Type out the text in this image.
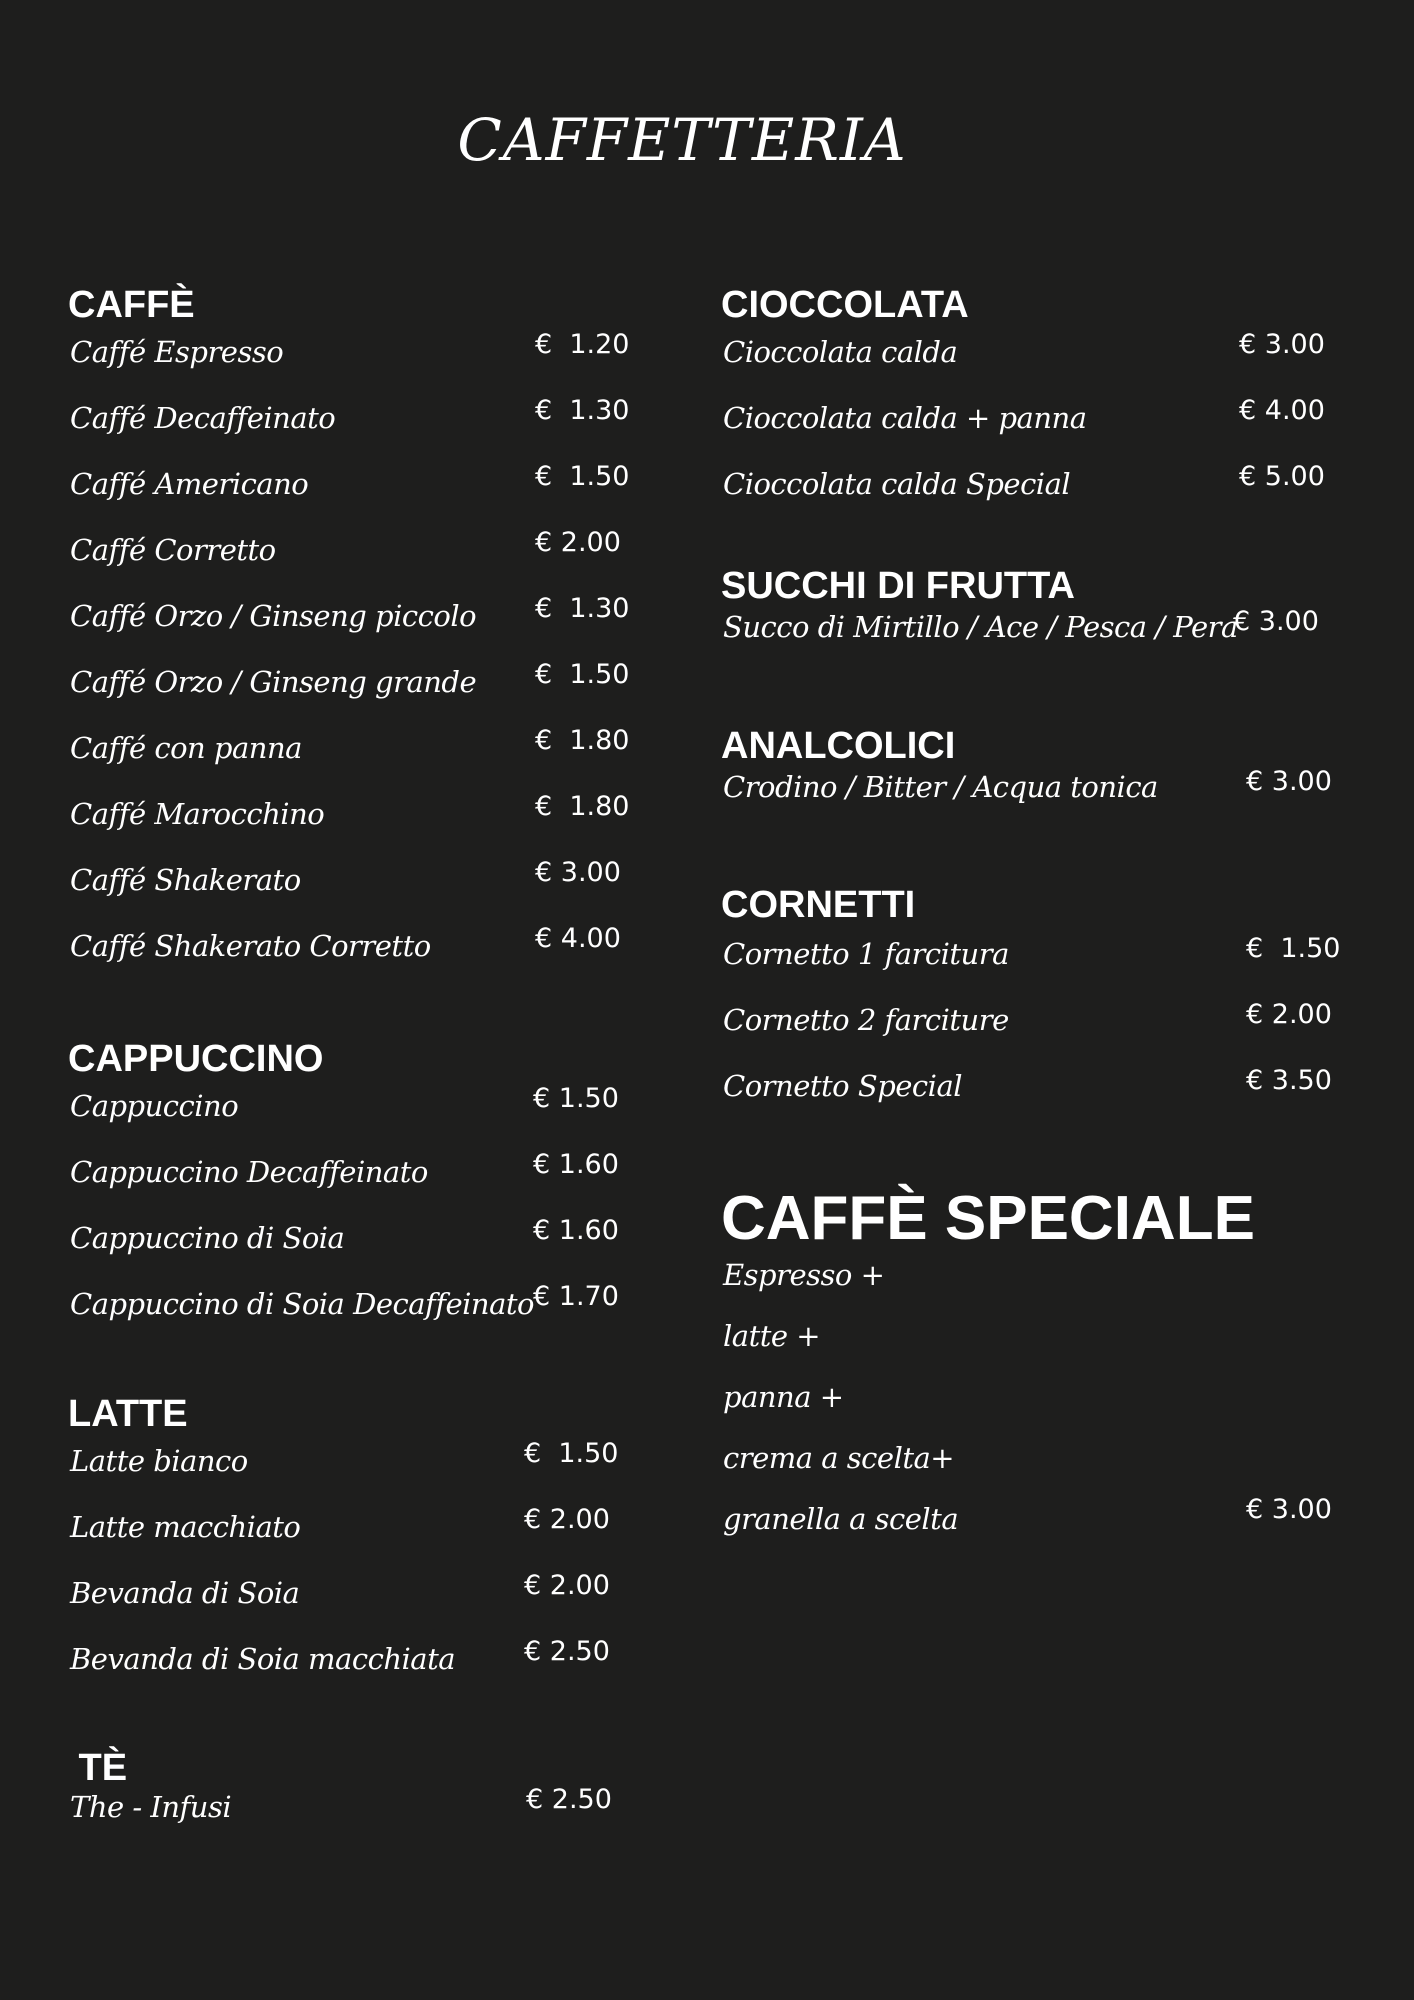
CAFFETTERIA
CAFFÈ
Caffé Espresso	€  1.20
Caffé Decaffeinato	€  1.30
Caffé Americano	€  1.50
Caffé Corretto	€ 2.00
Caffé Orzo / Ginseng piccolo €  1.30
Caffé Orzo / Ginseng grande €  1.50
Caffé con panna	€  1.80
Caffé Marocchino	€  1.80
Caffé Shakerato	€ 3.00
Caffé Shakerato Corretto	€ 4.00
CAPPUCCINO
Cappuccino	€ 1.50
Cappuccino Decaffeinato	€ 1.60
Cappuccino di Soia	€ 1.60
Cappuccino di Soia Decaffeinato € 1.70
LATTE
Latte bianco	€  1.50
Latte macchiato	€ 2.00
Bevanda di Soia	€ 2.00
Bevanda di Soia macchiata	€ 2.50
TÈ
The - Infusi	€ 2.50
CIOCCOLATA
Cioccolata calda	€ 3.00
Cioccolata calda + panna	€ 4.00
Cioccolata calda Special	€ 5.00
SUCCHI DI FRUTTA
Succo di Mirtillo / Ace / Pesca / Pera
€ 3.00
ANALCOLICI
Crodino / Bitter / Acqua tonica	€ 3.00
CORNETTI
Cornetto 1 farcitura	€  1.50
Cornetto 2 farciture	€ 2.00
Cornetto Special	€ 3.50
CAFFÈ SPECIALE
Espresso +
latte +
panna +
crema a scelta+
granella a scelta	€ 3.00
